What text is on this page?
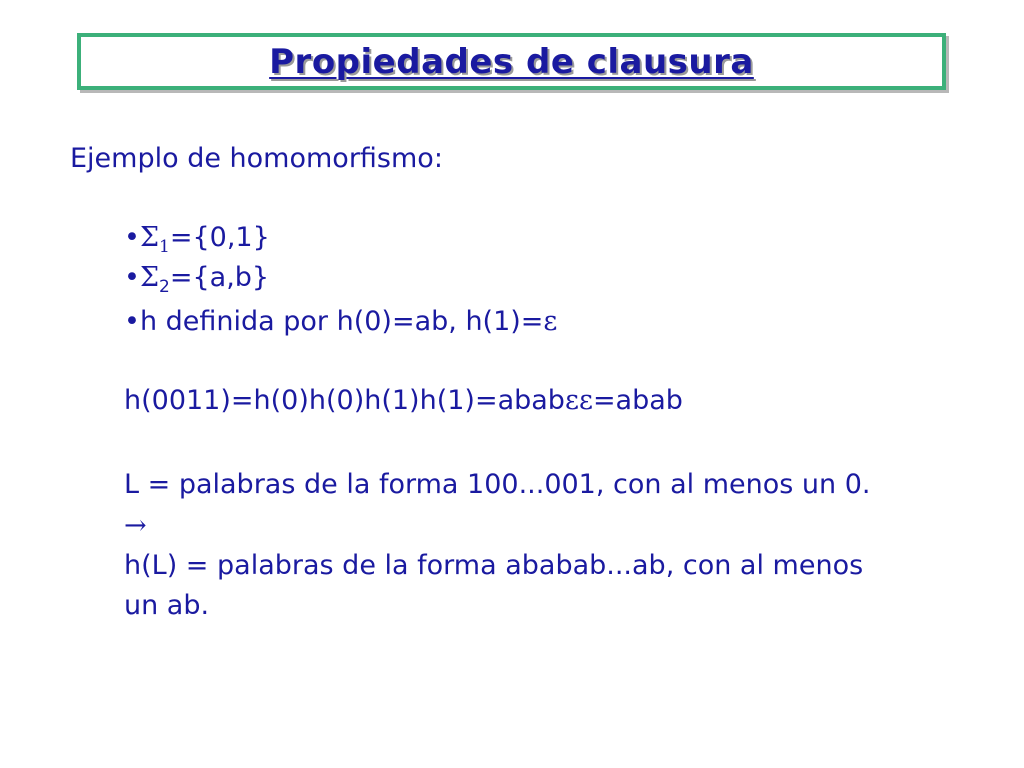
Propiedades de clausura
Ejemplo de homomorfismo:
$•\Sigma_1=\{0,1\}$
$•\Sigma_2=\{a,b\}$
•h definida por h(0)=ab, h(1)=ε
h(0011)=h(0)h(0)h(1)h(1)=ababεε=abab
L = palabras de la forma 100...001, con al menos un 0.
→
h(L) = palabras de la forma ababab...ab, con al menos
un ab.
